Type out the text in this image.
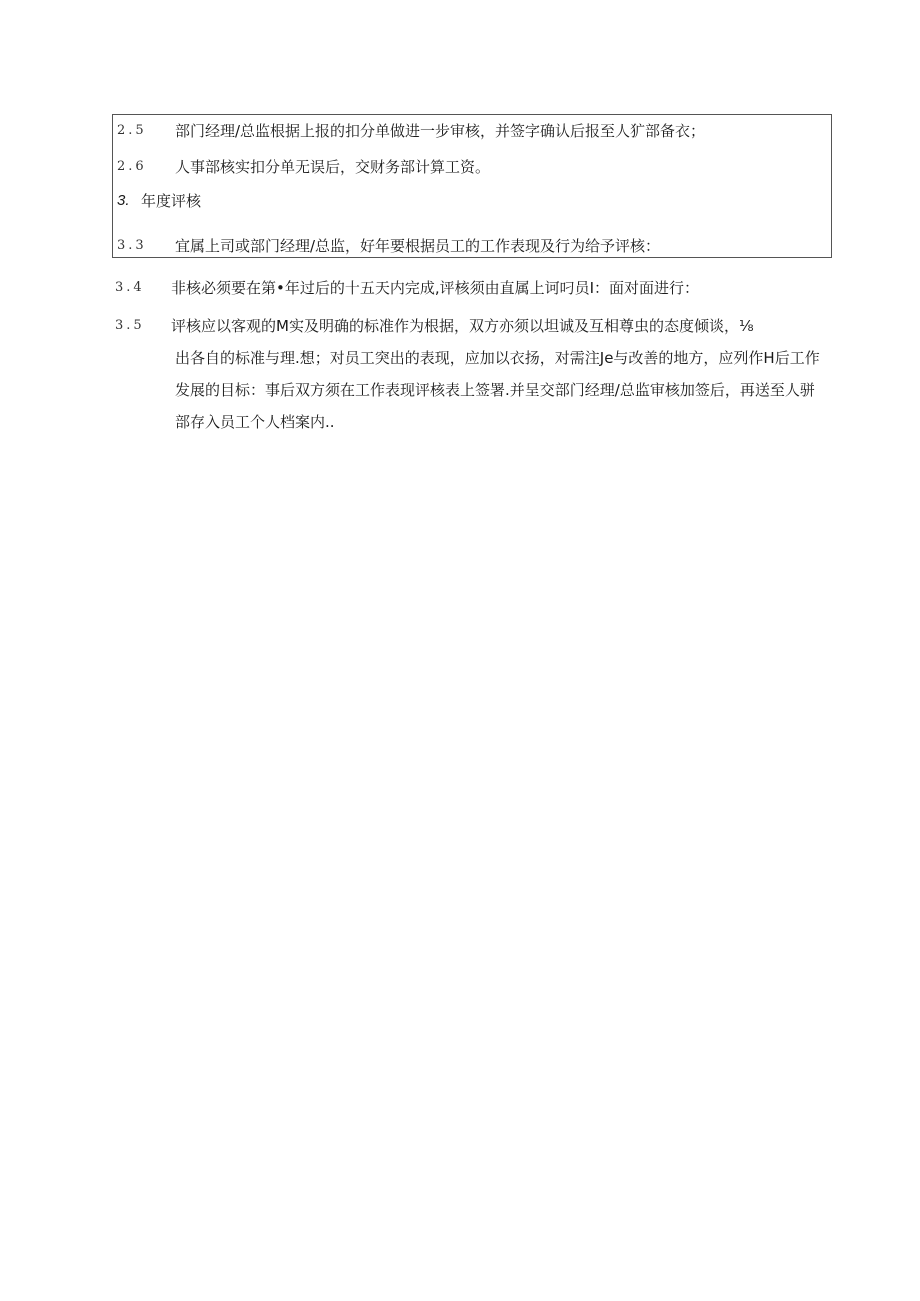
2.5 部门经理/总监根据上报的扣分单做进一步审核，并签字确认后报至人犷部备衣；
2.6 人事部核实扣分单无误后，交财务部计算工资。
3. 年度评核
3.3 宜属上司或部门经理/总监，好年要根据员工的工作表现及行为给予评核：
3.4 非核必须要在第•年过后的十五天内完成,评核须由直属上诃叼员I：面对面进行：
3.5 评核应以客观的M实及明确的标准作为根据，双方亦须以坦诚及互相尊虫的态度倾谈，⅛
出各自的标准与理.想；对员工突出的表现，应加以衣扬，对需注Je与改善的地方，应列作H后工作
发展的目标：事后双方须在工作表现评核表上签署.并呈交部门经理/总监审核加签后，再送至人骈
部存入员工个人档案内..
